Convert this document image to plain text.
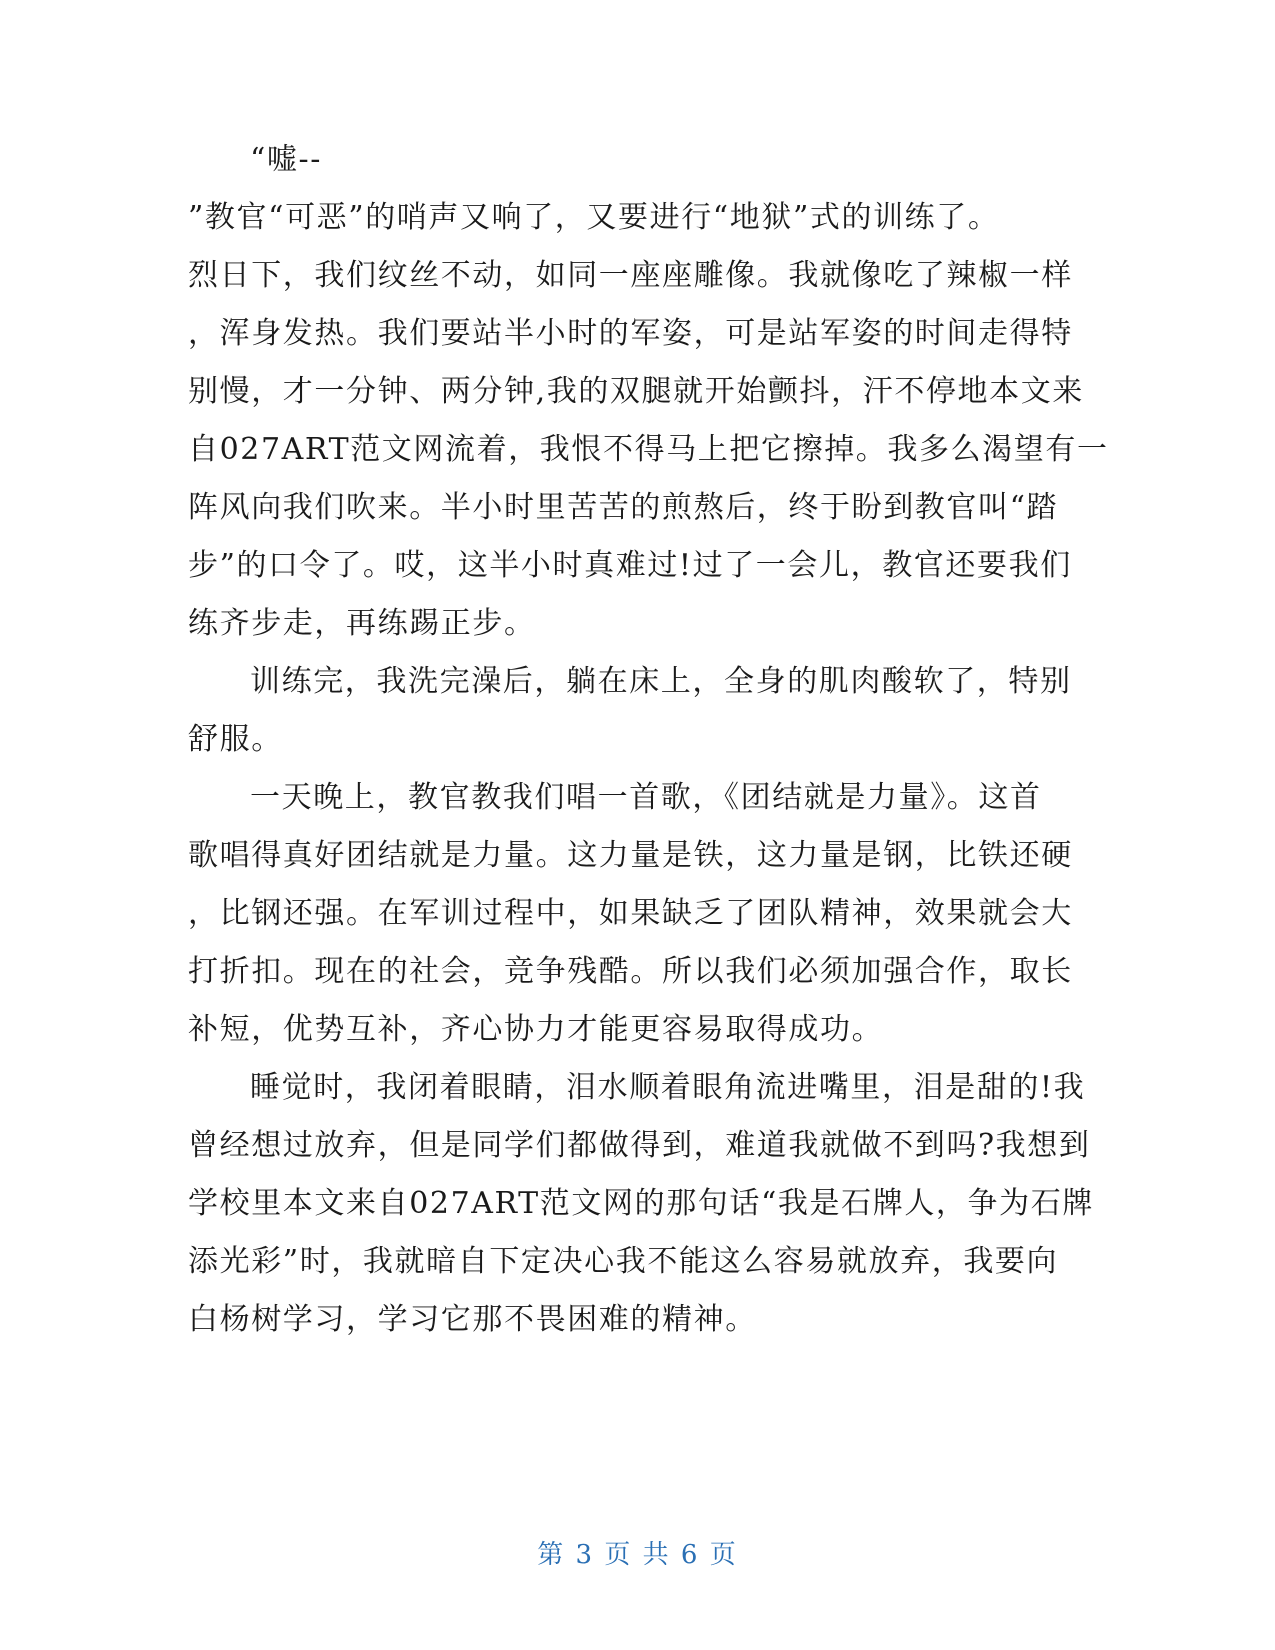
“嘘--
”教官“可恶”的哨声又响了，又要进行“地狱”式的训练了。
烈日下，我们纹丝不动，如同一座座雕像。我就像吃了辣椒一样
，浑身发热。我们要站半小时的军姿，可是站军姿的时间走得特
别慢，才一分钟、两分钟,我的双腿就开始颤抖，汗不停地本文来
自027ART范文网流着，我恨不得马上把它擦掉。我多么渴望有一
阵风向我们吹来。半小时里苦苦的煎熬后，终于盼到教官叫“踏
步”的口令了。哎，这半小时真难过!过了一会儿，教官还要我们
练齐步走，再练踢正步。
训练完，我洗完澡后，躺在床上，全身的肌肉酸软了，特别
舒服。
一天晚上，教官教我们唱一首歌，《团结就是力量》。这首
歌唱得真好团结就是力量。这力量是铁，这力量是钢，比铁还硬
，比钢还强。在军训过程中，如果缺乏了团队精神，效果就会大
打折扣。现在的社会，竞争残酷。所以我们必须加强合作，取长
补短，优势互补，齐心协力才能更容易取得成功。
睡觉时，我闭着眼睛，泪水顺着眼角流进嘴里，泪是甜的!我
曾经想过放弃，但是同学们都做得到，难道我就做不到吗?我想到
学校里本文来自027ART范文网的那句话“我是石牌人，争为石牌
添光彩”时，我就暗自下定决心我不能这么容易就放弃，我要向
白杨树学习，学习它那不畏困难的精神。
第 3 页 共 6 页
